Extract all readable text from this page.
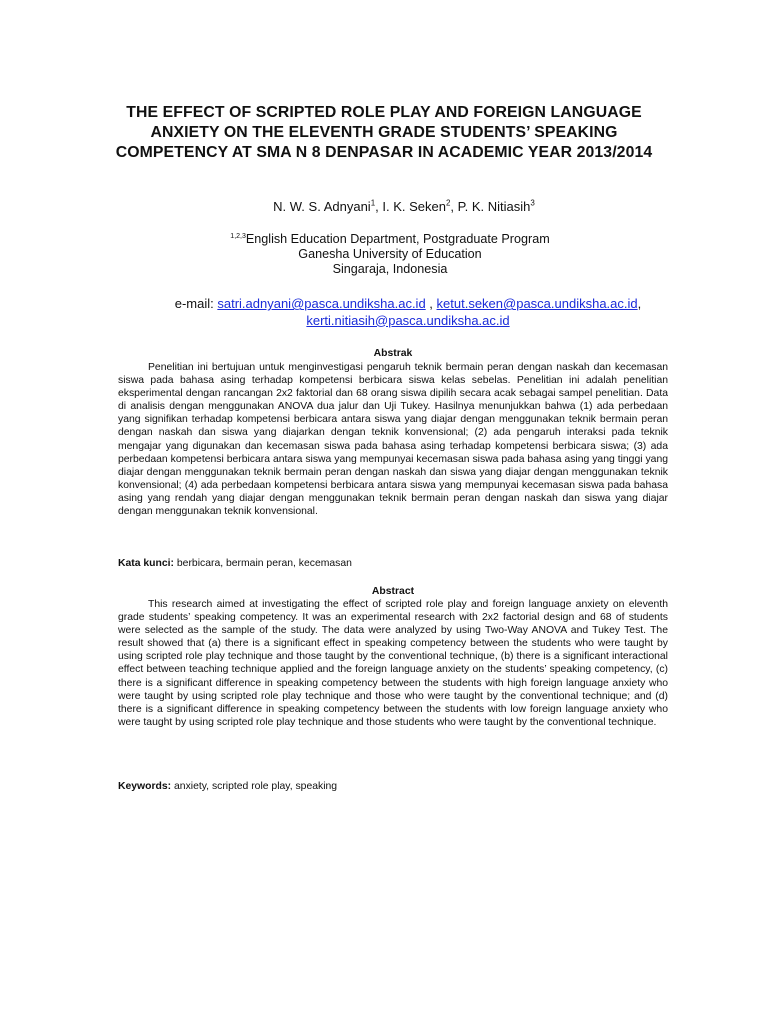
THE EFFECT OF SCRIPTED ROLE PLAY AND FOREIGN LANGUAGE ANXIETY ON THE ELEVENTH GRADE STUDENTS’ SPEAKING COMPETENCY AT SMA N 8 DENPASAR IN ACADEMIC YEAR 2013/2014
N. W. S. Adnyani$^1$, I. K. Seken$^2$, P. K. Nitiasih$^3$
$^{1,2,3}$English Education Department, Postgraduate Program
Ganesha University of Education
Singaraja, Indonesia
e-mail: satri.adnyani@pasca.undiksha.ac.id , ketut.seken@pasca.undiksha.ac.id,
kerti.nitiasih@pasca.undiksha.ac.id
Abstrak

Penelitian ini bertujuan untuk menginvestigasi pengaruh teknik bermain peran dengan naskah dan kecemasan siswa pada bahasa asing terhadap kompetensi berbicara siswa kelas sebelas. Penelitian ini adalah penelitian eksperimental dengan rancangan 2x2 faktorial dan 68 orang siswa dipilih secara acak sebagai sampel penelitian. Data di analisis dengan menggunakan ANOVA dua jalur dan Uji Tukey. Hasilnya menunjukkan bahwa (1) ada perbedaan yang signifikan terhadap kompetensi berbicara antara siswa yang diajar dengan menggunakan teknik bermain peran dengan naskah dan siswa yang diajarkan dengan teknik konvensional; (2) ada pengaruh interaksi pada teknik mengajar yang digunakan dan kecemasan siswa pada bahasa asing terhadap kompetensi berbicara siswa; (3) ada perbedaan kompetensi berbicara antara siswa yang mempunyai kecemasan siswa pada bahasa asing yang tinggi yang diajar dengan menggunakan teknik bermain peran dengan naskah dan siswa yang diajar dengan menggunakan teknik konvensional; (4) ada perbedaan kompetensi berbicara antara siswa yang mempunyai kecemasan siswa pada bahasa asing yang rendah yang diajar dengan menggunakan teknik bermain peran dengan naskah dan siswa yang diajar dengan menggunakan teknik konvensional.

Kata kunci: berbicara, bermain peran, kecemasan

Abstract

This research aimed at investigating the effect of scripted role play and foreign language anxiety on eleventh grade students’ speaking competency. It was an experimental research with 2x2 factorial design and 68 of students were selected as the sample of the study. The data were analyzed by using Two-Way ANOVA and Tukey Test. The result showed that (a) there is a significant effect in speaking competency between the students who were taught by using scripted role play technique and those taught by the conventional technique, (b) there is a significant interactional effect between teaching technique applied and the foreign language anxiety on the students’ speaking competency, (c) there is a significant difference in speaking competency between the students with high foreign language anxiety who were taught by using scripted role play technique and those who were taught by the conventional technique; and (d) there is a significant difference in speaking competency between the students with low foreign language anxiety who were taught by using scripted role play technique and those students who were taught by the conventional technique.

Keywords: anxiety, scripted role play, speaking
